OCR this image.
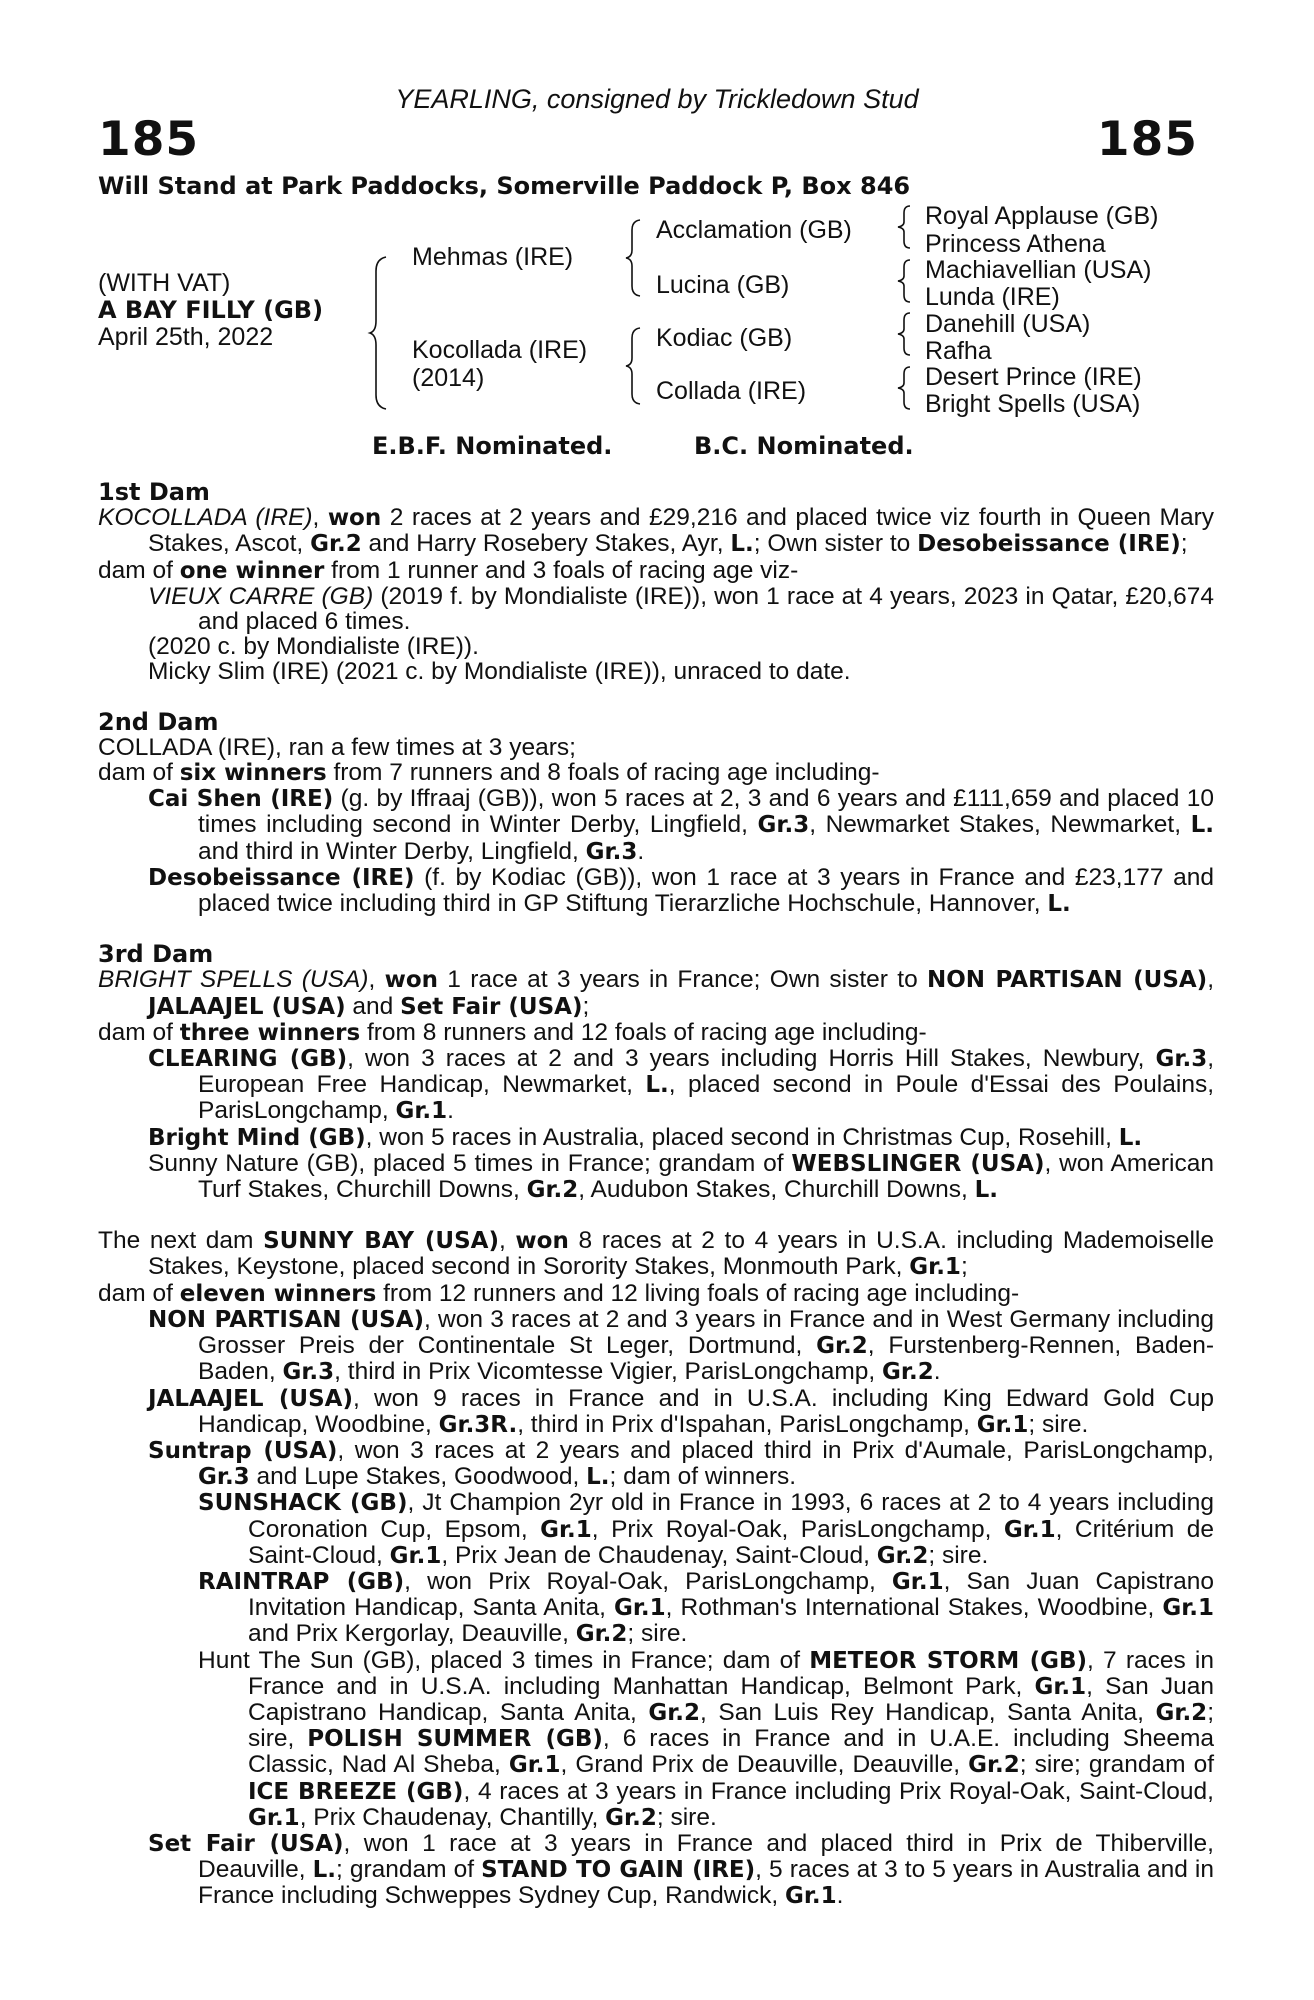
YEARLING, consigned by Trickledown Stud
185	185
Will Stand at Park Paddocks, Somerville Paddock P, Box 846
(WITH VAT)
A BAY FILLY (GB)
April 25th, 2022
Mehmas (IRE)
Kocollada (IRE)
(2014)
Acclamation (GB)
Lucina (GB)
Kodiac (GB)
Collada (IRE)
Royal Applause (GB)
Princess Athena
Machiavellian (USA)
Lunda (IRE)
Danehill (USA)
Rafha
Desert Prince (IRE)
Bright Spells (USA)
E.B.F. Nominated.	B.C. Nominated.
1st Dam

KOCOLLADA (IRE), won 2 races at 2 years and £29,216 and placed twice viz fourth in Queen Mary Stakes, Ascot, Gr.2 and Harry Rosebery Stakes, Ayr, L.; Own sister to Desobeissance (IRE);

dam of one winner from 1 runner and 3 foals of racing age viz-

VIEUX CARRE (GB) (2019 f. by Mondialiste (IRE)), won 1 race at 4 years, 2023 in Qatar, £20,674 and placed 6 times.

(2020 c. by Mondialiste (IRE)).

Micky Slim (IRE) (2021 c. by Mondialiste (IRE)), unraced to date.

2nd Dam

COLLADA (IRE), ran a few times at 3 years;

dam of six winners from 7 runners and 8 foals of racing age including-

Cai Shen (IRE) (g. by Iffraaj (GB)), won 5 races at 2, 3 and 6 years and £111,659 and placed 10 times including second in Winter Derby, Lingfield, Gr.3, Newmarket Stakes, Newmarket, L. and third in Winter Derby, Lingfield, Gr.3.

Desobeissance (IRE) (f. by Kodiac (GB)), won 1 race at 3 years in France and £23,177 and placed twice including third in GP Stiftung Tierarzliche Hochschule, Hannover, L.

3rd Dam

BRIGHT SPELLS (USA), won 1 race at 3 years in France; Own sister to NON PARTISAN (USA), JALAAJEL (USA) and Set Fair (USA);

dam of three winners from 8 runners and 12 foals of racing age including-

CLEARING (GB), won 3 races at 2 and 3 years including Horris Hill Stakes, Newbury, Gr.3, European Free Handicap, Newmarket, L., placed second in Poule d'Essai des Poulains, ParisLongchamp, Gr.1.

Bright Mind (GB), won 5 races in Australia, placed second in Christmas Cup, Rosehill, L.

Sunny Nature (GB), placed 5 times in France; grandam of WEBSLINGER (USA), won American Turf Stakes, Churchill Downs, Gr.2, Audubon Stakes, Churchill Downs, L.

The next dam SUNNY BAY (USA), won 8 races at 2 to 4 years in U.S.A. including Mademoiselle Stakes, Keystone, placed second in Sorority Stakes, Monmouth Park, Gr.1;

dam of eleven winners from 12 runners and 12 living foals of racing age including-

NON PARTISAN (USA), won 3 races at 2 and 3 years in France and in West Germany including Grosser Preis der Continentale St Leger, Dortmund, Gr.2, Furstenberg-Rennen, Baden-Baden, Gr.3, third in Prix Vicomtesse Vigier, ParisLongchamp, Gr.2.

JALAAJEL (USA), won 9 races in France and in U.S.A. including King Edward Gold Cup Handicap, Woodbine, Gr.3R., third in Prix d'Ispahan, ParisLongchamp, Gr.1; sire.

Suntrap (USA), won 3 races at 2 years and placed third in Prix d'Aumale, ParisLongchamp, Gr.3 and Lupe Stakes, Goodwood, L.; dam of winners.

SUNSHACK (GB), Jt Champion 2yr old in France in 1993, 6 races at 2 to 4 years including Coronation Cup, Epsom, Gr.1, Prix Royal-Oak, ParisLongchamp, Gr.1, Critérium de Saint-Cloud, Gr.1, Prix Jean de Chaudenay, Saint-Cloud, Gr.2; sire.

RAINTRAP (GB), won Prix Royal-Oak, ParisLongchamp, Gr.1, San Juan Capistrano Invitation Handicap, Santa Anita, Gr.1, Rothman's International Stakes, Woodbine, Gr.1 and Prix Kergorlay, Deauville, Gr.2; sire.

Hunt The Sun (GB), placed 3 times in France; dam of METEOR STORM (GB), 7 races in France and in U.S.A. including Manhattan Handicap, Belmont Park, Gr.1, San Juan Capistrano Handicap, Santa Anita, Gr.2, San Luis Rey Handicap, Santa Anita, Gr.2; sire, POLISH SUMMER (GB), 6 races in France and in U.A.E. including Sheema Classic, Nad Al Sheba, Gr.1, Grand Prix de Deauville, Deauville, Gr.2; sire; grandam of ICE BREEZE (GB), 4 races at 3 years in France including Prix Royal-Oak, Saint-Cloud, Gr.1, Prix Chaudenay, Chantilly, Gr.2; sire.

Set Fair (USA), won 1 race at 3 years in France and placed third in Prix de Thiberville, Deauville, L.; grandam of STAND TO GAIN (IRE), 5 races at 3 to 5 years in Australia and in France including Schweppes Sydney Cup, Randwick, Gr.1.
